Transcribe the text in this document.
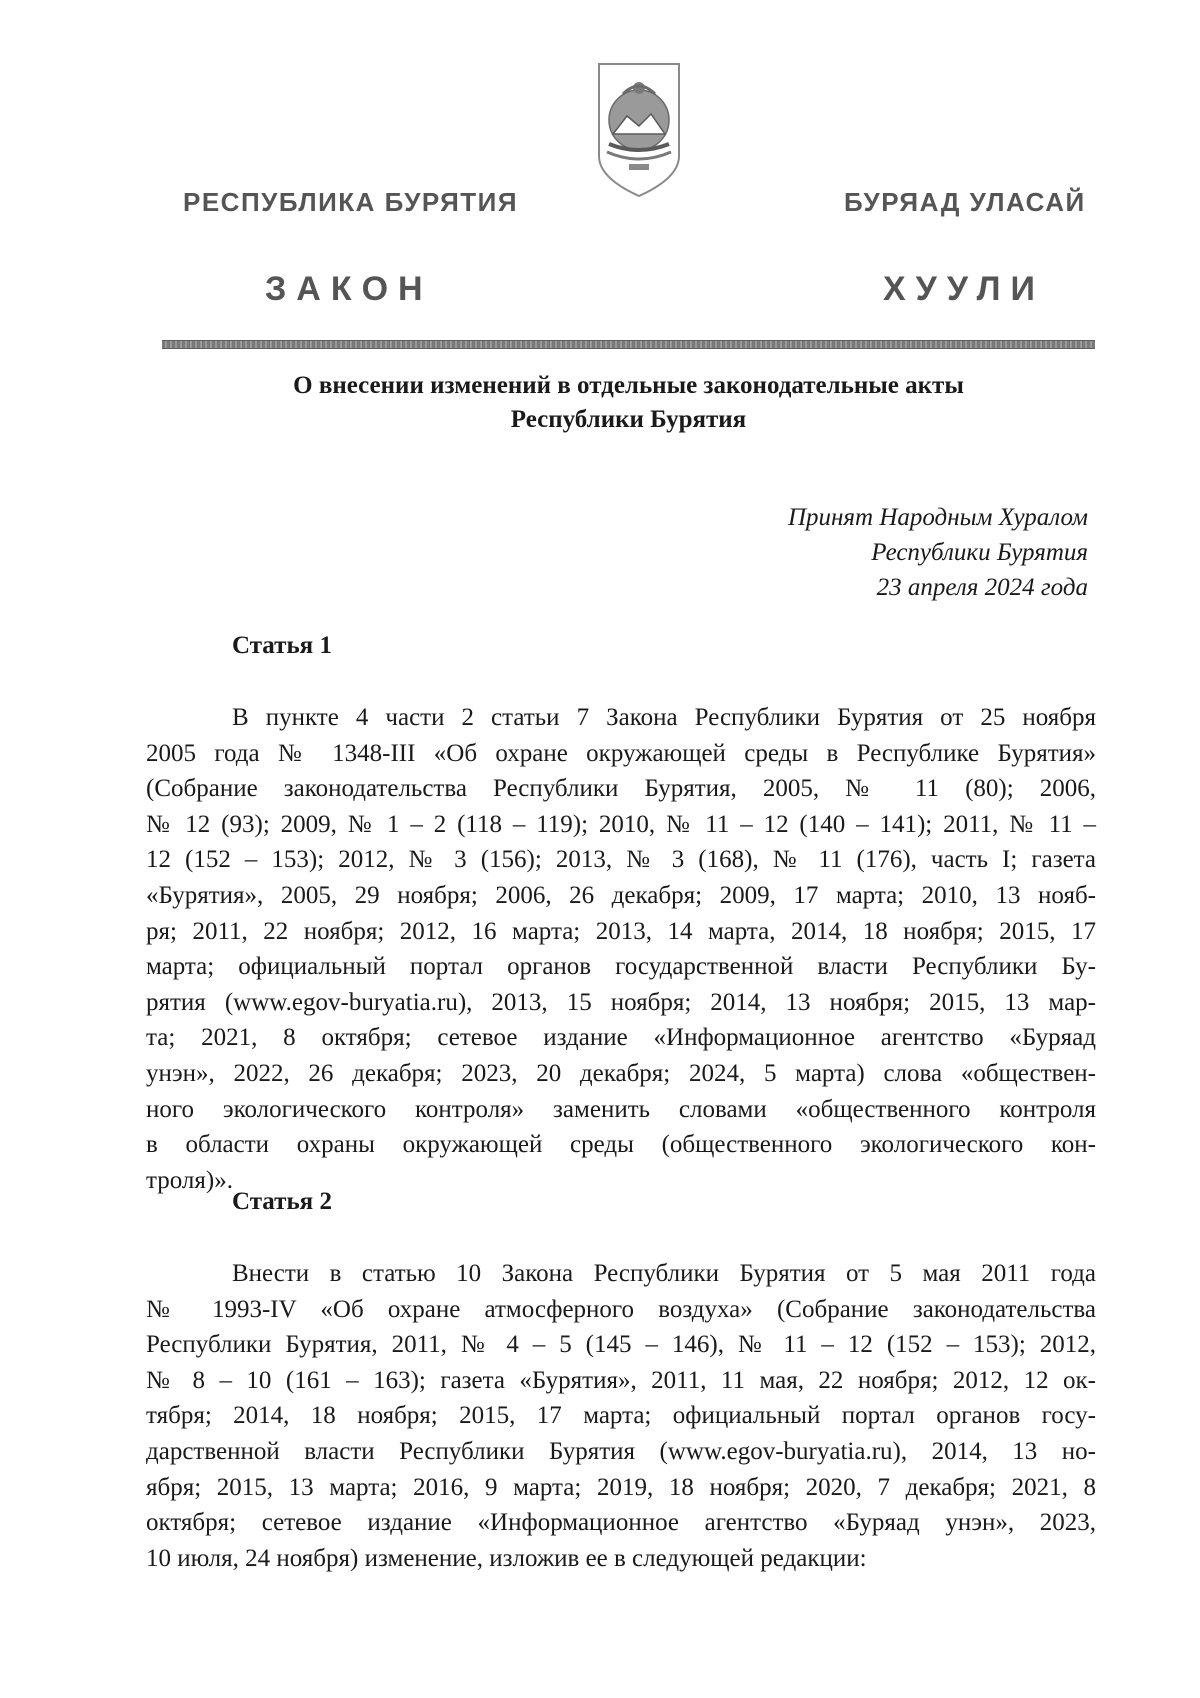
РЕСПУБЛИКА БУРЯТИЯ	БУРЯАД УЛАСАЙ
ЗАКОН	ХУУЛИ
О внесении изменений в отдельные законодательные акты
Республики Бурятия
Принят Народным Хуралом
Республики Бурятия
23 апреля 2024 года
Статья 1
В пункте 4 части 2 статьи 7 Закона Республики Бурятия от 25 ноября
2005 года № 1348-III «Об охране окружающей среды в Республике Бурятия»
(Собрание законодательства Республики Бурятия, 2005, № 11 (80); 2006,
№ 12 (93); 2009, № 1 – 2 (118 – 119); 2010, № 11 – 12 (140 – 141); 2011, № 11 –
12 (152 – 153); 2012, № 3 (156); 2013, № 3 (168), № 11 (176), часть I; газета
«Бурятия», 2005, 29 ноября; 2006, 26 декабря; 2009, 17 марта; 2010, 13 нояб-
ря; 2011, 22 ноября; 2012, 16 марта; 2013, 14 марта, 2014, 18 ноября; 2015, 17
марта; официальный портал органов государственной власти Республики Бу-
рятия (www.egov-buryatia.ru), 2013, 15 ноября; 2014, 13 ноября; 2015, 13 мар-
та; 2021, 8 октября; сетевое издание «Информационное агентство «Буряад
унэн», 2022, 26 декабря; 2023, 20 декабря; 2024, 5 марта) слова «обществен-
ного экологического контроля» заменить словами «общественного контроля
в области охраны окружающей среды (общественного экологического кон-
троля)».
Статья 2
Внести в статью 10 Закона Республики Бурятия от 5 мая 2011 года
№ 1993-IV «Об охране атмосферного воздуха» (Собрание законодательства
Республики Бурятия, 2011, № 4 – 5 (145 – 146), № 11 – 12 (152 – 153); 2012,
№ 8 – 10 (161 – 163); газета «Бурятия», 2011, 11 мая, 22 ноября; 2012, 12 ок-
тября; 2014, 18 ноября; 2015, 17 марта; официальный портал органов госу-
дарственной власти Республики Бурятия (www.egov-buryatia.ru), 2014, 13 но-
ября; 2015, 13 марта; 2016, 9 марта; 2019, 18 ноября; 2020, 7 декабря; 2021, 8
октября; сетевое издание «Информационное агентство «Буряад унэн», 2023,
10 июля, 24 ноября) изменение, изложив ее в следующей редакции:
